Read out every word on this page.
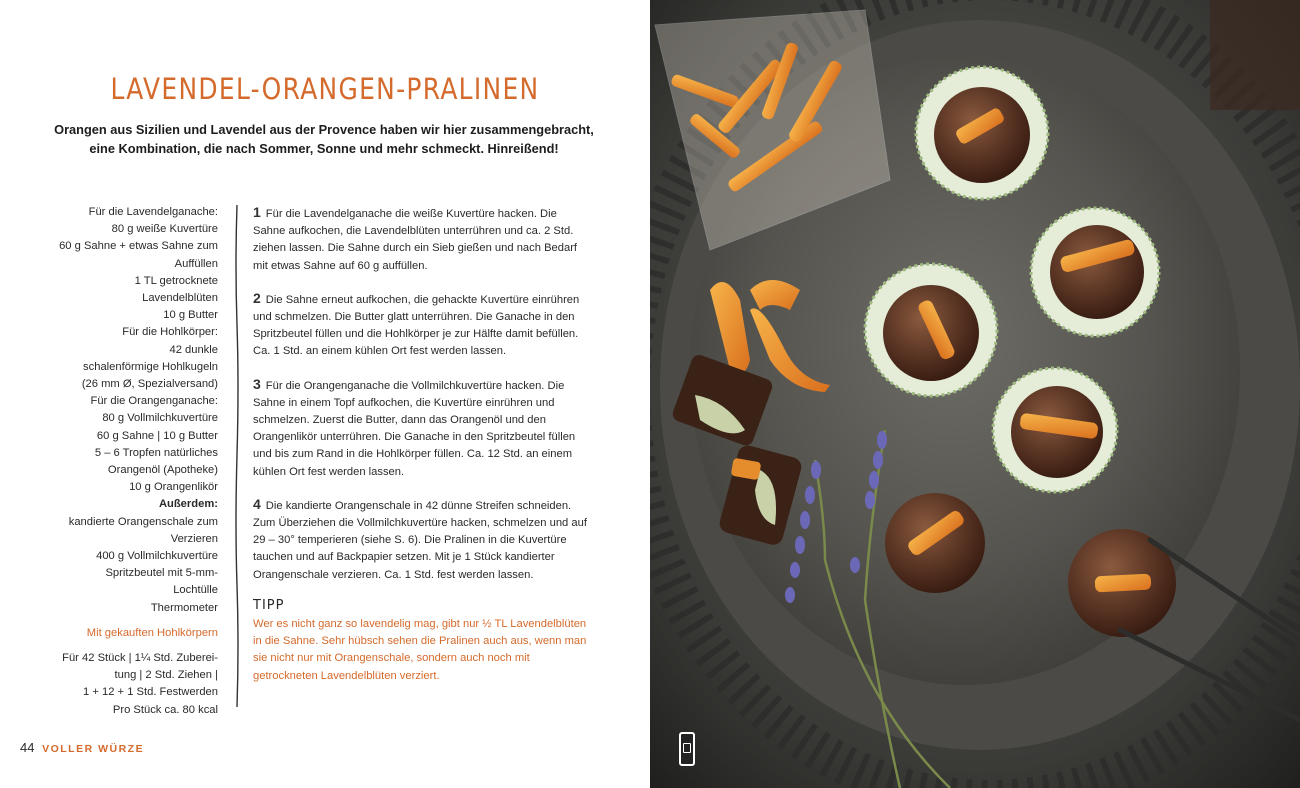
LAVENDEL-ORANGEN-PRALINEN
Orangen aus Sizilien und Lavendel aus der Provence haben wir hier zusammengebracht,
eine Kombination, die nach Sommer, Sonne und mehr schmeckt. Hinreißend!
Für die Lavendelganache:
80 g weiße Kuvertüre
60 g Sahne + etwas Sahne zum
Auffüllen
1 TL getrocknete
Lavendelblüten
10 g Butter
Für die Hohlkörper:
42 dunkle
schalenförmige Hohlkugeln
(26 mm Ø, Spezialversand)
Für die Orangenganache:
80 g Vollmilchkuvertüre
60 g Sahne | 10 g Butter
5 – 6 Tropfen natürliches
Orangenöl (Apotheke)
10 g Orangenlikör
Außerdem:
kandierte Orangenschale zum
Verzieren
400 g Vollmilchkuvertüre
Spritzbeutel mit 5-mm-
Lochtülle
Thermometer
Mit gekauften Hohlkörpern
Für 42 Stück | 1¼ Std. Zuberei-
tung | 2 Std. Ziehen |
1 + 12 + 1 Std. Festwerden
Pro Stück ca. 80 kcal
1 Für die Lavendelganache die weiße Kuvertüre hacken. Die Sahne aufkochen, die Lavendelblüten unterrühren und ca. 2 Std. ziehen lassen. Die Sahne durch ein Sieb gießen und nach Bedarf mit etwas Sahne auf 60 g auffüllen.
2 Die Sahne erneut aufkochen, die gehackte Kuvertüre einrühren und schmelzen. Die Butter glatt unterrühren. Die Ganache in den Spritzbeutel füllen und die Hohlkörper je zur Hälfte damit befüllen. Ca. 1 Std. an einem kühlen Ort fest werden lassen.
3 Für die Orangenganache die Vollmilchkuvertüre hacken. Die Sahne in einem Topf aufkochen, die Kuvertüre einrühren und schmelzen. Zuerst die Butter, dann das Orangenöl und den Orangenlikör unterrühren. Die Ganache in den Spritzbeutel füllen und bis zum Rand in die Hohlkörper füllen. Ca. 12 Std. an einem kühlen Ort fest werden lassen.
4 Die kandierte Orangenschale in 42 dünne Streifen schneiden. Zum Überziehen die Vollmilchkuvertüre hacken, schmelzen und auf 29 – 30° temperieren (siehe S. 6). Die Pralinen in die Kuvertüre tauchen und auf Backpapier setzen. Mit je 1 Stück kandierter Orangenschale verzieren. Ca. 1 Std. fest werden lassen.
TIPP
Wer es nicht ganz so lavendelig mag, gibt nur ½ TL Lavendelblüten in die Sahne. Sehr hübsch sehen die Pralinen auch aus, wenn man sie nicht nur mit Orangenschale, sondern auch noch mit getrockneten Lavendelblüten verziert.
44 VOLLER WÜRZE
